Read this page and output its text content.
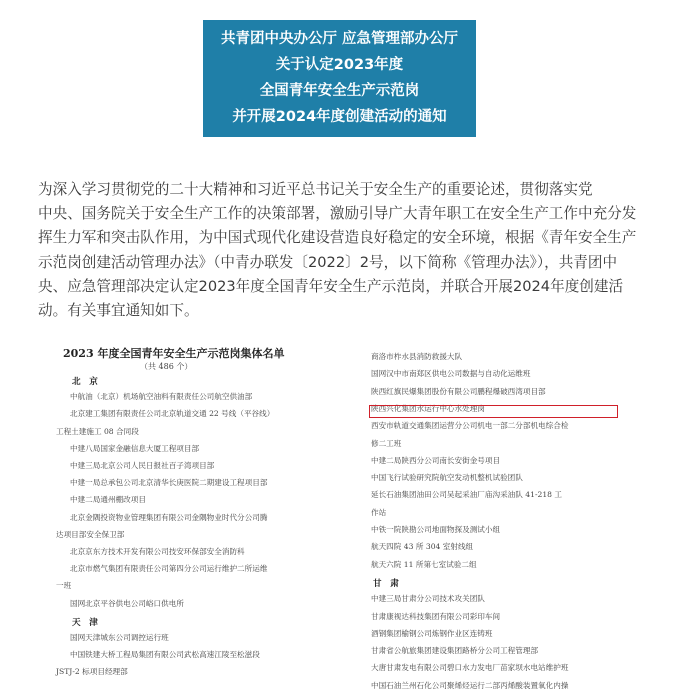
共青团中央办公厅 应急管理部办公厅
关于认定2023年度
全国青年安全生产示范岗
并开展2024年度创建活动的通知

为深入学习贯彻党的二十大精神和习近平总书记关于安全生产的重要论述，贯彻落实党
中央、国务院关于安全生产工作的决策部署，激励引导广大青年职工在安全生产工作中充分发
挥生力军和突击队作用，为中国式现代化建设营造良好稳定的安全环境，根据《青年安全生产
示范岗创建活动管理办法》（中青办联发〔2022〕2号，以下简称《管理办法》），共青团中
央、应急管理部决定认定2023年度全国青年安全生产示范岗，并联合开展2024年度创建活
动。有关事宜通知如下。

2023 年度全国青年安全生产示范岗集体名单
（共 486 个）
北　京
中航油（北京）机场航空油料有限责任公司航空供油部
北京建工集团有限责任公司北京轨道交通 22 号线（平谷线）
工程土建施工 08 合同段
中建八局国家金融信息大厦工程项目部
中建三局北京公司人民日报社百子湾项目部
中建一局总承包公司北京清华长庚医院二期建设工程项目部
中建二局通州棚改项目
北京金隅投资物业管理集团有限公司金隅物业时代分公司腾
达项目部安全保卫部
北京京东方技术开发有限公司技安环保部安全消防科
北京市燃气集团有限责任公司第四分公司运行维护二所运维
一班
国网北京平谷供电公司峪口供电所
天　津
国网天津城东公司调控运行班
中国铁建大桥工程局集团有限公司武松高速江陵至松滋段
JSTJ-2 标项目经理部
商洛市柞水县消防救援大队
国网汉中市南郑区供电公司数据与自动化运维班
陕西红旗民爆集团股份有限公司鹏程爆破西湾项目部
陕西兴化集团水运行中心水处理岗
西安市轨道交通集团运营分公司机电一部二分部机电综合检
修二工班
中建二局陕西分公司南长安街金号项目
中国飞行试验研究院航空发动机整机试验团队
延长石油集团油田公司吴起采油厂庙沟采油队 41-218 工
作站
中铁一院陕勘公司地面物探及测试小组
航天四院 43 所 304 室射线组
航天六院 11 所第七室试验二组
甘　肃
中建三局甘肃分公司技术攻关团队
甘肃康视达科技集团有限公司彩印车间
酒钢集团榆钢公司炼钢作业区连铸班
甘肃省公航旅集团建设集团路桥分公司工程管理部
大唐甘肃发电有限公司碧口水力发电厂苗家坝水电站维护班
中国石油兰州石化公司聚烯烃运行二部丙烯酸装置氧化内操
